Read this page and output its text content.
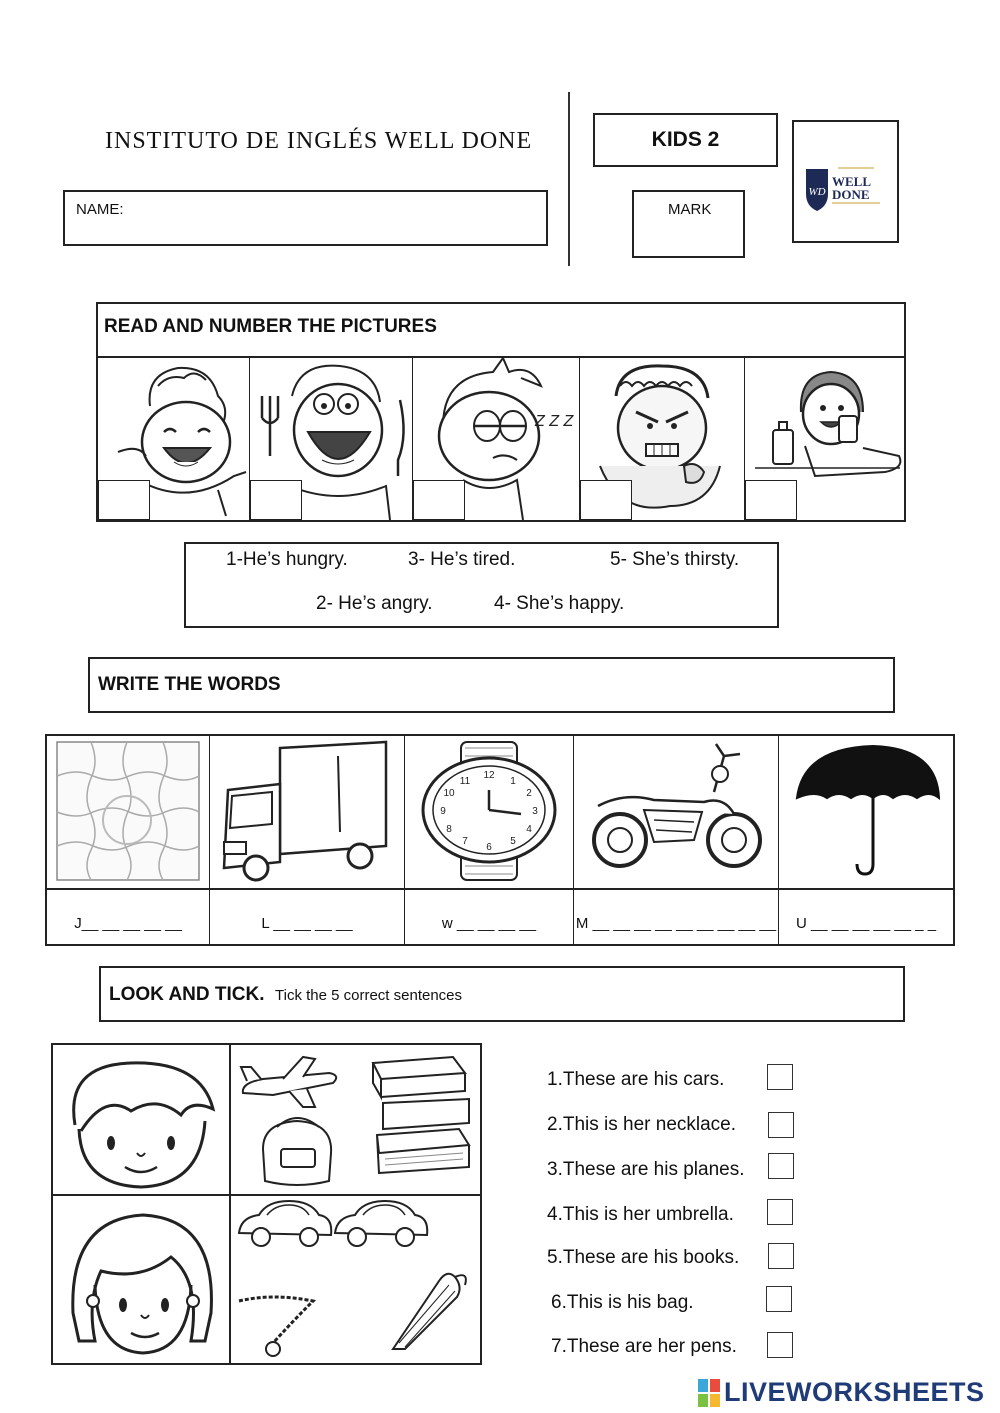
INSTITUTO DE INGLÉS WELL DONE
NAME:
KIDS 2
MARK
WD
WELL
DONE
READ AND NUMBER THE PICTURES
Z Z Z
1-He’s hungry.	3- He’s tired.	5- She’s thirsty.
2- He’s angry.	4- She’s happy.
WRITE THE WORDS
J__ __ __ __ __	L __ __ __ __
12
3
6
9
1
2
4
5
7
8
10
11
w __ __ __ __	M __ __ __ __ __ __ __ __ __	U __ __ __ __ __ _ _
LOOK AND TICK. Tick the 5 correct sentences
1.These are his cars.
2.This is her necklace.
3.These are his planes.
4.This is her umbrella.
5.These are his books.
6.This is his bag.
7.These are her pens.
LIVEWORKSHEETS
